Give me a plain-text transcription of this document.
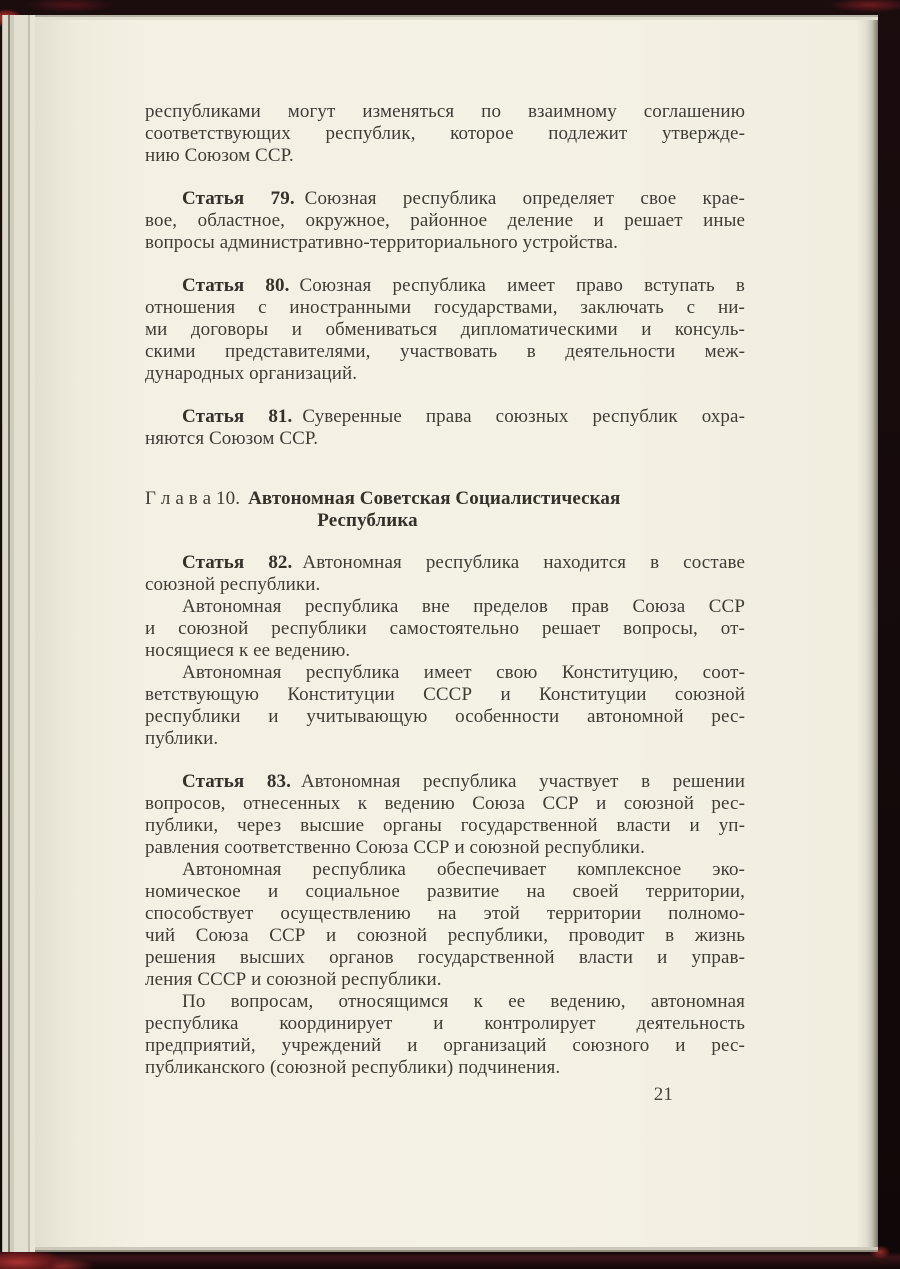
республиками могут изменяться по взаимному соглашению
соответствующих республик, которое подлежит утвержде-
нию Союзом ССР.
Статья 79. Союзная республика определяет свое крае-
вое, областное, окружное, районное деление и решает иные
вопросы административно-территориального устройства.
Статья 80. Союзная республика имеет право вступать в
отношения с иностранными государствами, заключать с ни-
ми договоры и обмениваться дипломатическими и консуль-
скими представителями, участвовать в деятельности меж-
дународных организаций.
Статья 81. Суверенные права союзных республик охра-
няются Союзом ССР.
Г л а в а 10. Автономная Советская Социалистическая
Республика
Статья 82. Автономная республика находится в составе
союзной республики.
Автономная республика вне пределов прав Союза ССР
и союзной республики самостоятельно решает вопросы, от-
носящиеся к ее ведению.
Автономная республика имеет свою Конституцию, соот-
ветствующую Конституции СССР и Конституции союзной
республики и учитывающую особенности автономной рес-
публики.
Статья 83. Автономная республика участвует в решении
вопросов, отнесенных к ведению Союза ССР и союзной рес-
публики, через высшие органы государственной власти и уп-
равления соответственно Союза ССР и союзной республики.
Автономная республика обеспечивает комплексное эко-
номическое и социальное развитие на своей территории,
способствует осуществлению на этой территории полномо-
чий Союза ССР и союзной республики, проводит в жизнь
решения высших органов государственной власти и управ-
ления СССР и союзной республики.
По вопросам, относящимся к ее ведению, автономная
республика координирует и контролирует деятельность
предприятий, учреждений и организаций союзного и рес-
публиканского (союзной республики) подчинения.
21
